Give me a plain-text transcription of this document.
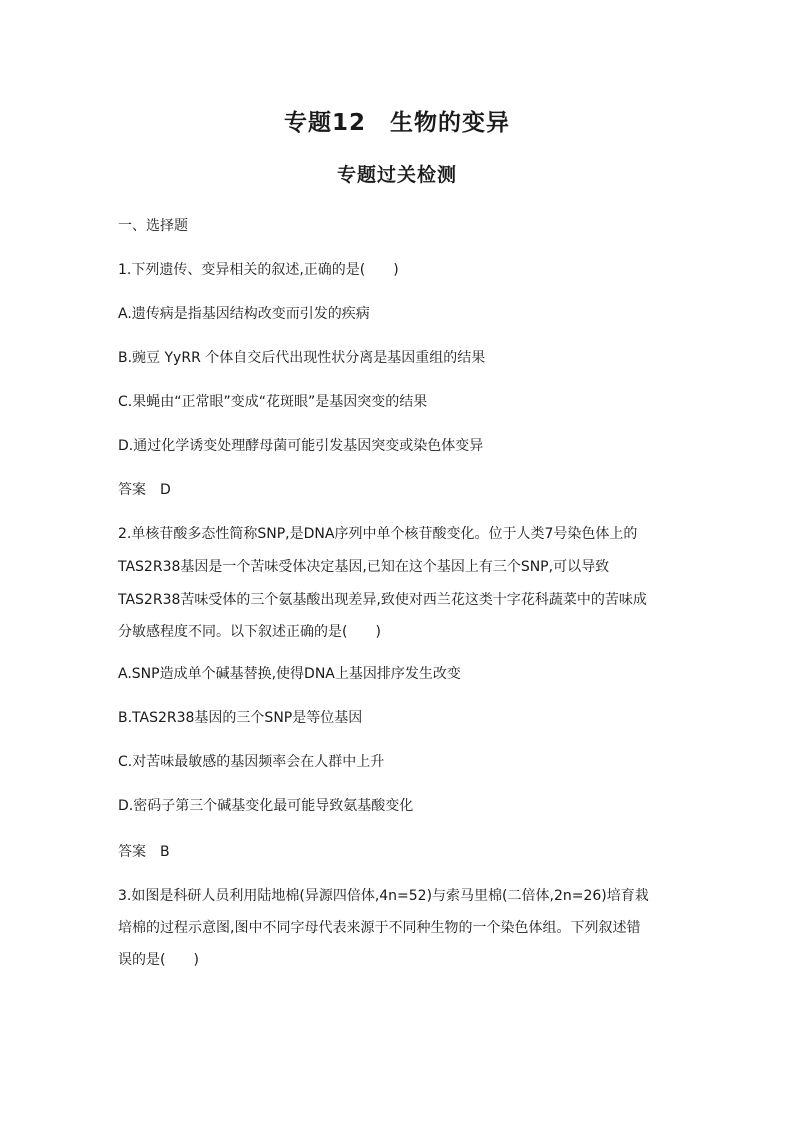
专题12　生物的变异
专题过关检测
一、选择题
1.下列遗传、变异相关的叙述,正确的是(　　)
A.遗传病是指基因结构改变而引发的疾病
B.豌豆 YyRR 个体自交后代出现性状分离是基因重组的结果
C.果蝇由“正常眼”变成“花斑眼”是基因突变的结果
D.通过化学诱变处理酵母菌可能引发基因突变或染色体变异
答案　D
2.单核苷酸多态性简称SNP,是DNA序列中单个核苷酸变化。位于人类7号染色体上的
TAS2R38基因是一个苦味受体决定基因,已知在这个基因上有三个SNP,可以导致
TAS2R38苦味受体的三个氨基酸出现差异,致使对西兰花这类十字花科蔬菜中的苦味成
分敏感程度不同。以下叙述正确的是(　　)
A.SNP造成单个碱基替换,使得DNA上基因排序发生改变
B.TAS2R38基因的三个SNP是等位基因
C.对苦味最敏感的基因频率会在人群中上升
D.密码子第三个碱基变化最可能导致氨基酸变化
答案　B
3.如图是科研人员利用陆地棉(异源四倍体,4n=52)与索马里棉(二倍体,2n=26)培育栽
培棉的过程示意图,图中不同字母代表来源于不同种生物的一个染色体组。下列叙述错
误的是(　　)
